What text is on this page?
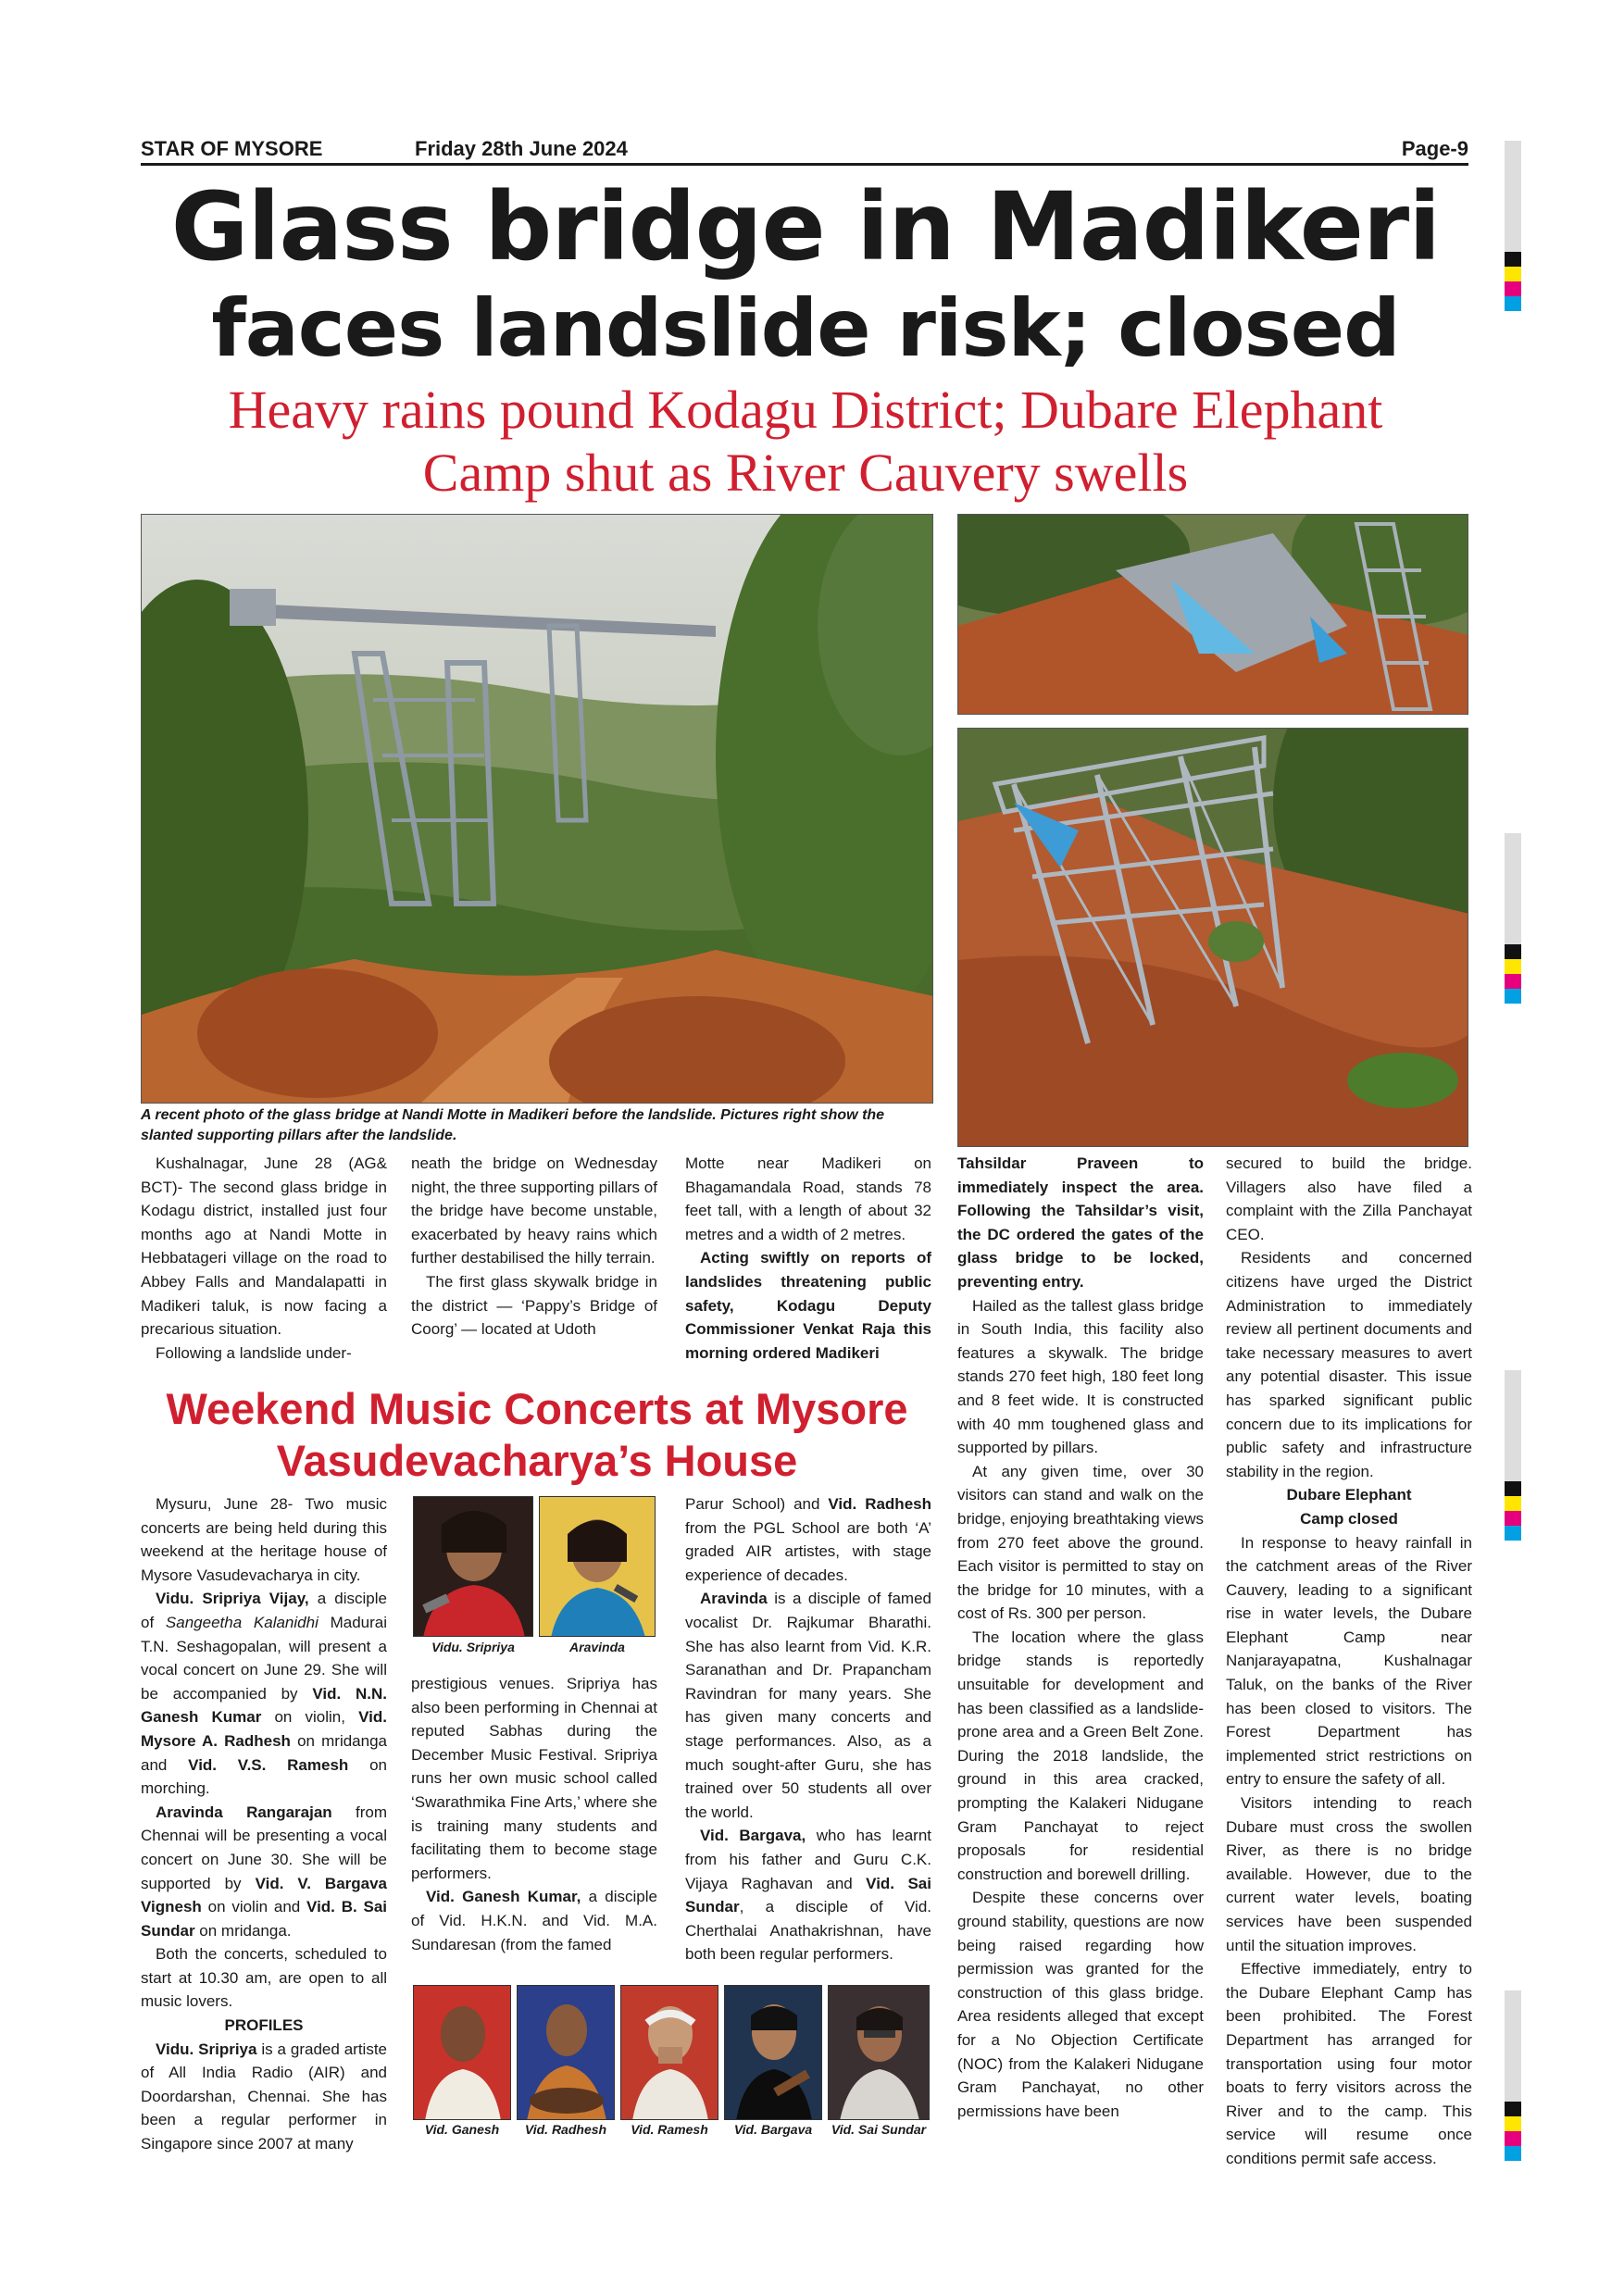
STAR OF MYSORE	Friday 28th June 2024	Page-9
Glass bridge in Madikeri
faces landslide risk; closed
Heavy rains pound Kodagu District; Dubare Elephant
Camp shut as River Cauvery swells
A recent photo of the glass bridge at Nandi Motte in Madikeri before the landslide. Pictures right show the slanted supporting pillars after the landslide.

Kushalnagar, June 28 (AG& BCT)- The second glass bridge in Kodagu district, installed just four months ago at Nandi Motte in Hebbatageri village on the road to Abbey Falls and Mandalapatti in Madikeri taluk, is now facing a precarious situation.

Following a landslide under-

neath the bridge on Wednesday night, the three supporting pillars of the bridge have become unstable, exacerbated by heavy rains which further destabilised the hilly terrain.

The first glass skywalk bridge in the district — ‘Pappy’s Bridge of Coorg’ — located at Udoth

Motte near Madikeri on Bhagamandala Road, stands 78 feet tall, with a length of about 32 metres and a width of 2 metres.

Acting swiftly on reports of landslides threatening public safety, Kodagu Deputy Commissioner Venkat Raja this morning ordered Madikeri

Tahsildar Praveen to immediately inspect the area. Following the Tahsildar’s visit, the DC ordered the gates of the glass bridge to be locked, preventing entry.

Hailed as the tallest glass bridge in South India, this facility also features a skywalk. The bridge stands 270 feet high, 180 feet long and 8 feet wide. It is constructed with 40 mm toughened glass and supported by pillars.

At any given time, over 30 visitors can stand and walk on the bridge, enjoying breathtaking views from 270 feet above the ground. Each visitor is permitted to stay on the bridge for 10 minutes, with a cost of Rs. 300 per person.

The location where the glass bridge stands is reportedly unsuitable for development and has been classified as a landslide-prone area and a Green Belt Zone. During the 2018 landslide, the ground in this area cracked, prompting the Kalakeri Nidugane Gram Panchayat to reject proposals for residential construction and borewell drilling.

Despite these concerns over ground stability, questions are now being raised regarding how permission was granted for the construction of this glass bridge. Area residents alleged that except for a No Objection Certificate (NOC) from the Kalakeri Nidugane Gram Panchayat, no other permissions have been

secured to build the bridge. Villagers also have filed a complaint with the Zilla Panchayat CEO.

Residents and concerned citizens have urged the District Administration to immediately review all pertinent documents and take necessary measures to avert any potential disaster. This issue has sparked significant public concern due to its implications for public safety and infrastructure stability in the region.

Dubare Elephant Camp closed

In response to heavy rainfall in the catchment areas of the River Cauvery, leading to a significant rise in water levels, the Dubare Elephant Camp near Nanjarayapatna, Kushalnagar Taluk, on the banks of the River has been closed to visitors. The Forest Department has implemented strict restrictions on entry to ensure the safety of all.

Visitors intending to reach Dubare must cross the swollen River, as there is no bridge available. However, due to the current water levels, boating services have been suspended until the situation improves.

Effective immediately, entry to the Dubare Elephant Camp has been prohibited. The Forest Department has arranged for transportation using four motor boats to ferry visitors across the River and to the camp. This service will resume once conditions permit safe access.

Weekend Music Concerts at Mysore
Vasudevacharya’s House

Mysuru, June 28- Two music concerts are being held during this weekend at the heritage house of Mysore Vasudevacharya in city.

Vidu. Sripriya Vijay, a disciple of Sangeetha Kalanidhi Madurai T.N. Seshagopalan, will present a vocal concert on June 29. She will be accompanied by Vid. N.N. Ganesh Kumar on violin, Vid. Mysore A. Radhesh on mridanga and Vid. V.S. Ramesh on morching.

Aravinda Rangarajan from Chennai will be presenting a vocal concert on June 30. She will be supported by Vid. V. Bargava Vignesh on violin and Vid. B. Sai Sundar on mridanga.

Both the concerts, scheduled to start at 10.30 am, are open to all music lovers.

PROFILES

Vidu. Sripriya is a graded artiste of All India Radio (AIR) and Doordarshan, Chennai. She has been a regular performer in Singapore since 2007 at many

Vidu. Sripriya	Aravinda

prestigious venues. Sripriya has also been performing in Chennai at reputed Sabhas during the December Music Festival. Sripriya runs her own music school called ‘Swarathmika Fine Arts,’ where she is training many students and facilitating them to become stage performers.

Vid. Ganesh Kumar, a disciple of Vid. H.K.N. and Vid. M.A. Sundaresan (from the famed

Parur School) and Vid. Radhesh from the PGL School are both ‘A’ graded AIR artistes, with stage experience of decades.

Aravinda is a disciple of famed vocalist Dr. Rajkumar Bharathi. She has also learnt from Vid. K.R. Saranathan and Dr. Prapancham Ravindran for many years. She has given many concerts and stage performances. Also, as a much sought-after Guru, she has trained over 50 students all over the world.

Vid. Bargava, who has learnt from his father and Guru C.K. Vijaya Raghavan and Vid. Sai Sundar, a disciple of Vid. Cherthalai Anathakrishnan, have both been regular performers.

Vid. Ganesh	Vid. Radhesh	Vid. Ramesh	Vid. Bargava	Vid. Sai Sundar
